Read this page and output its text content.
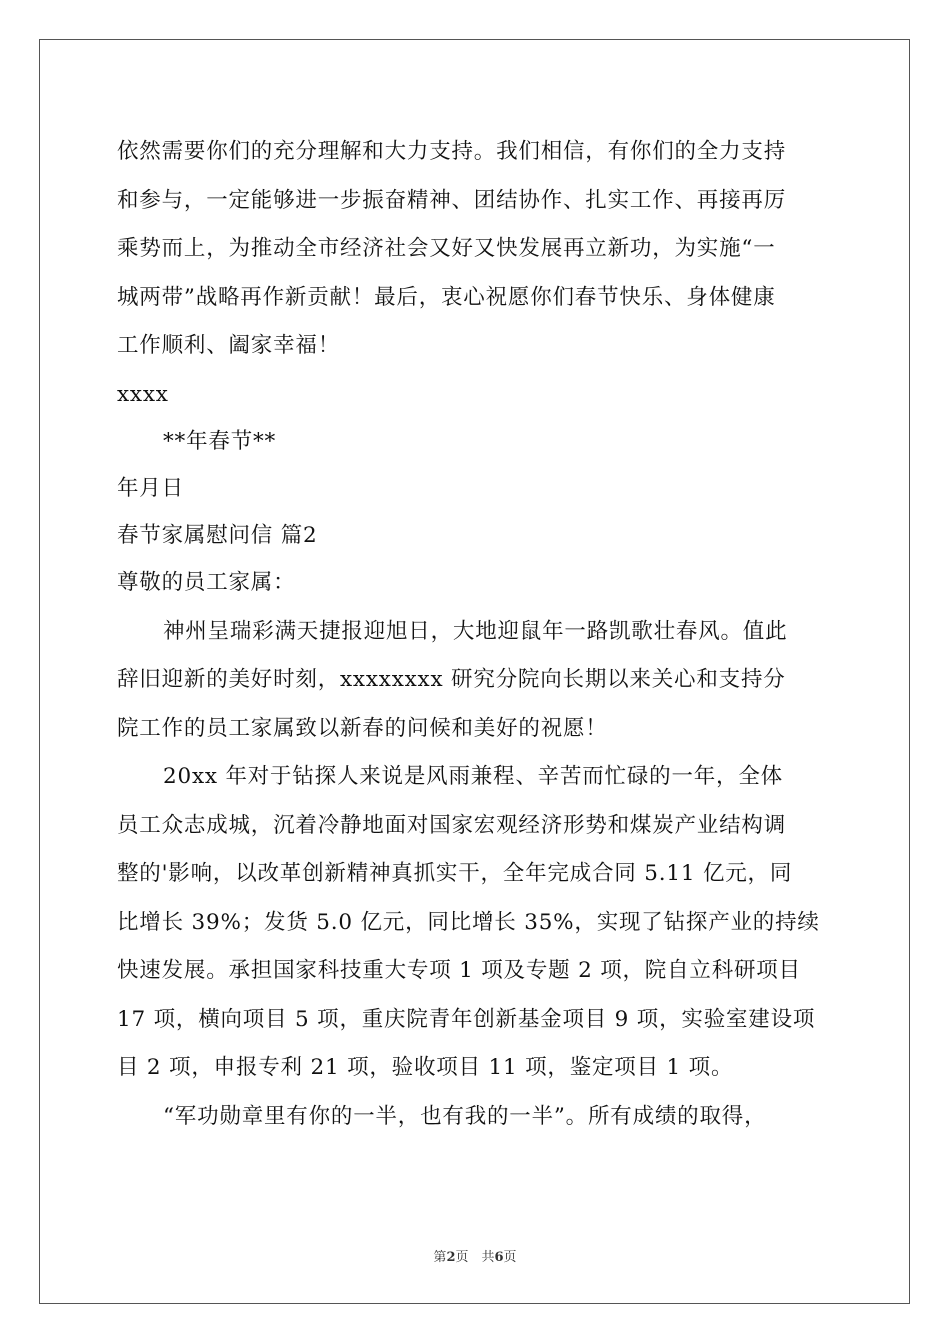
依然需要你们的充分理解和大力支持。我们相信，有你们的全力支持
和参与，一定能够进一步振奋精神、团结协作、扎实工作、再接再厉
乘势而上，为推动全市经济社会又好又快发展再立新功，为实施“一
城两带”战略再作新贡献！最后，衷心祝愿你们春节快乐、身体健康
工作顺利、阖家幸福！
xxxx
**年春节**
年月日
春节家属慰问信 篇2
尊敬的员工家属：
神州呈瑞彩满天捷报迎旭日，大地迎鼠年一路凯歌壮春风。值此
辞旧迎新的美好时刻，xxxxxxxx 研究分院向长期以来关心和支持分
院工作的员工家属致以新春的问候和美好的祝愿！
20xx 年对于钻探人来说是风雨兼程、辛苦而忙碌的一年，全体
员工众志成城，沉着冷静地面对国家宏观经济形势和煤炭产业结构调
整的'影响，以改革创新精神真抓实干，全年完成合同 5.11 亿元，同
比增长 39%；发货 5.0 亿元，同比增长 35%，实现了钻探产业的持续
快速发展。承担国家科技重大专项 1 项及专题 2 项，院自立科研项目
17 项，横向项目 5 项，重庆院青年创新基金项目 9 项，实验室建设项
目 2 项，申报专利 21 项，验收项目 11 项，鉴定项目 1 项。
“军功勋章里有你的一半，也有我的一半”。所有成绩的取得，
第2页　共6页
